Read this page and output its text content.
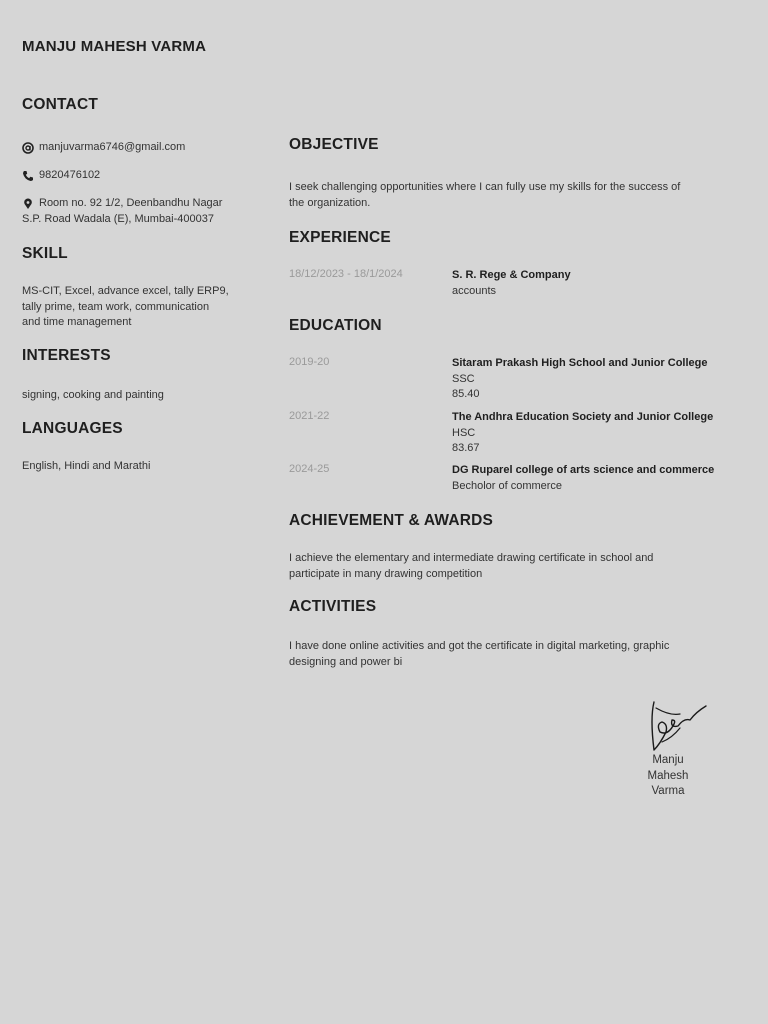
MANJU MAHESH VARMA
CONTACT
manjuvarma6746@gmail.com
9820476102
Room no. 92 1/2, Deenbandhu Nagar
S.P. Road Wadala (E), Mumbai-400037
SKILL
MS-CIT, Excel, advance excel, tally ERP9,
tally prime, team work, communication
and time management
INTERESTS
signing, cooking and painting
LANGUAGES
English, Hindi and Marathi
OBJECTIVE
I seek challenging opportunities where I can fully use my skills for the success of
the organization.
EXPERIENCE
18/12/2023 - 18/1/2024	S. R. Rege & Company
accounts
EDUCATION
2019-20	Sitaram Prakash High School and Junior College
SSC
85.40
2021-22	The Andhra Education Society and Junior College
HSC
83.67
2024-25	DG Ruparel college of arts science and commerce
Becholor of commerce
ACHIEVEMENT & AWARDS
I achieve the elementary and intermediate drawing certificate in school and
participate in many drawing competition
ACTIVITIES
I have done online activities and got the certificate in digital marketing, graphic
designing and power bi
Manju
Mahesh
Varma
